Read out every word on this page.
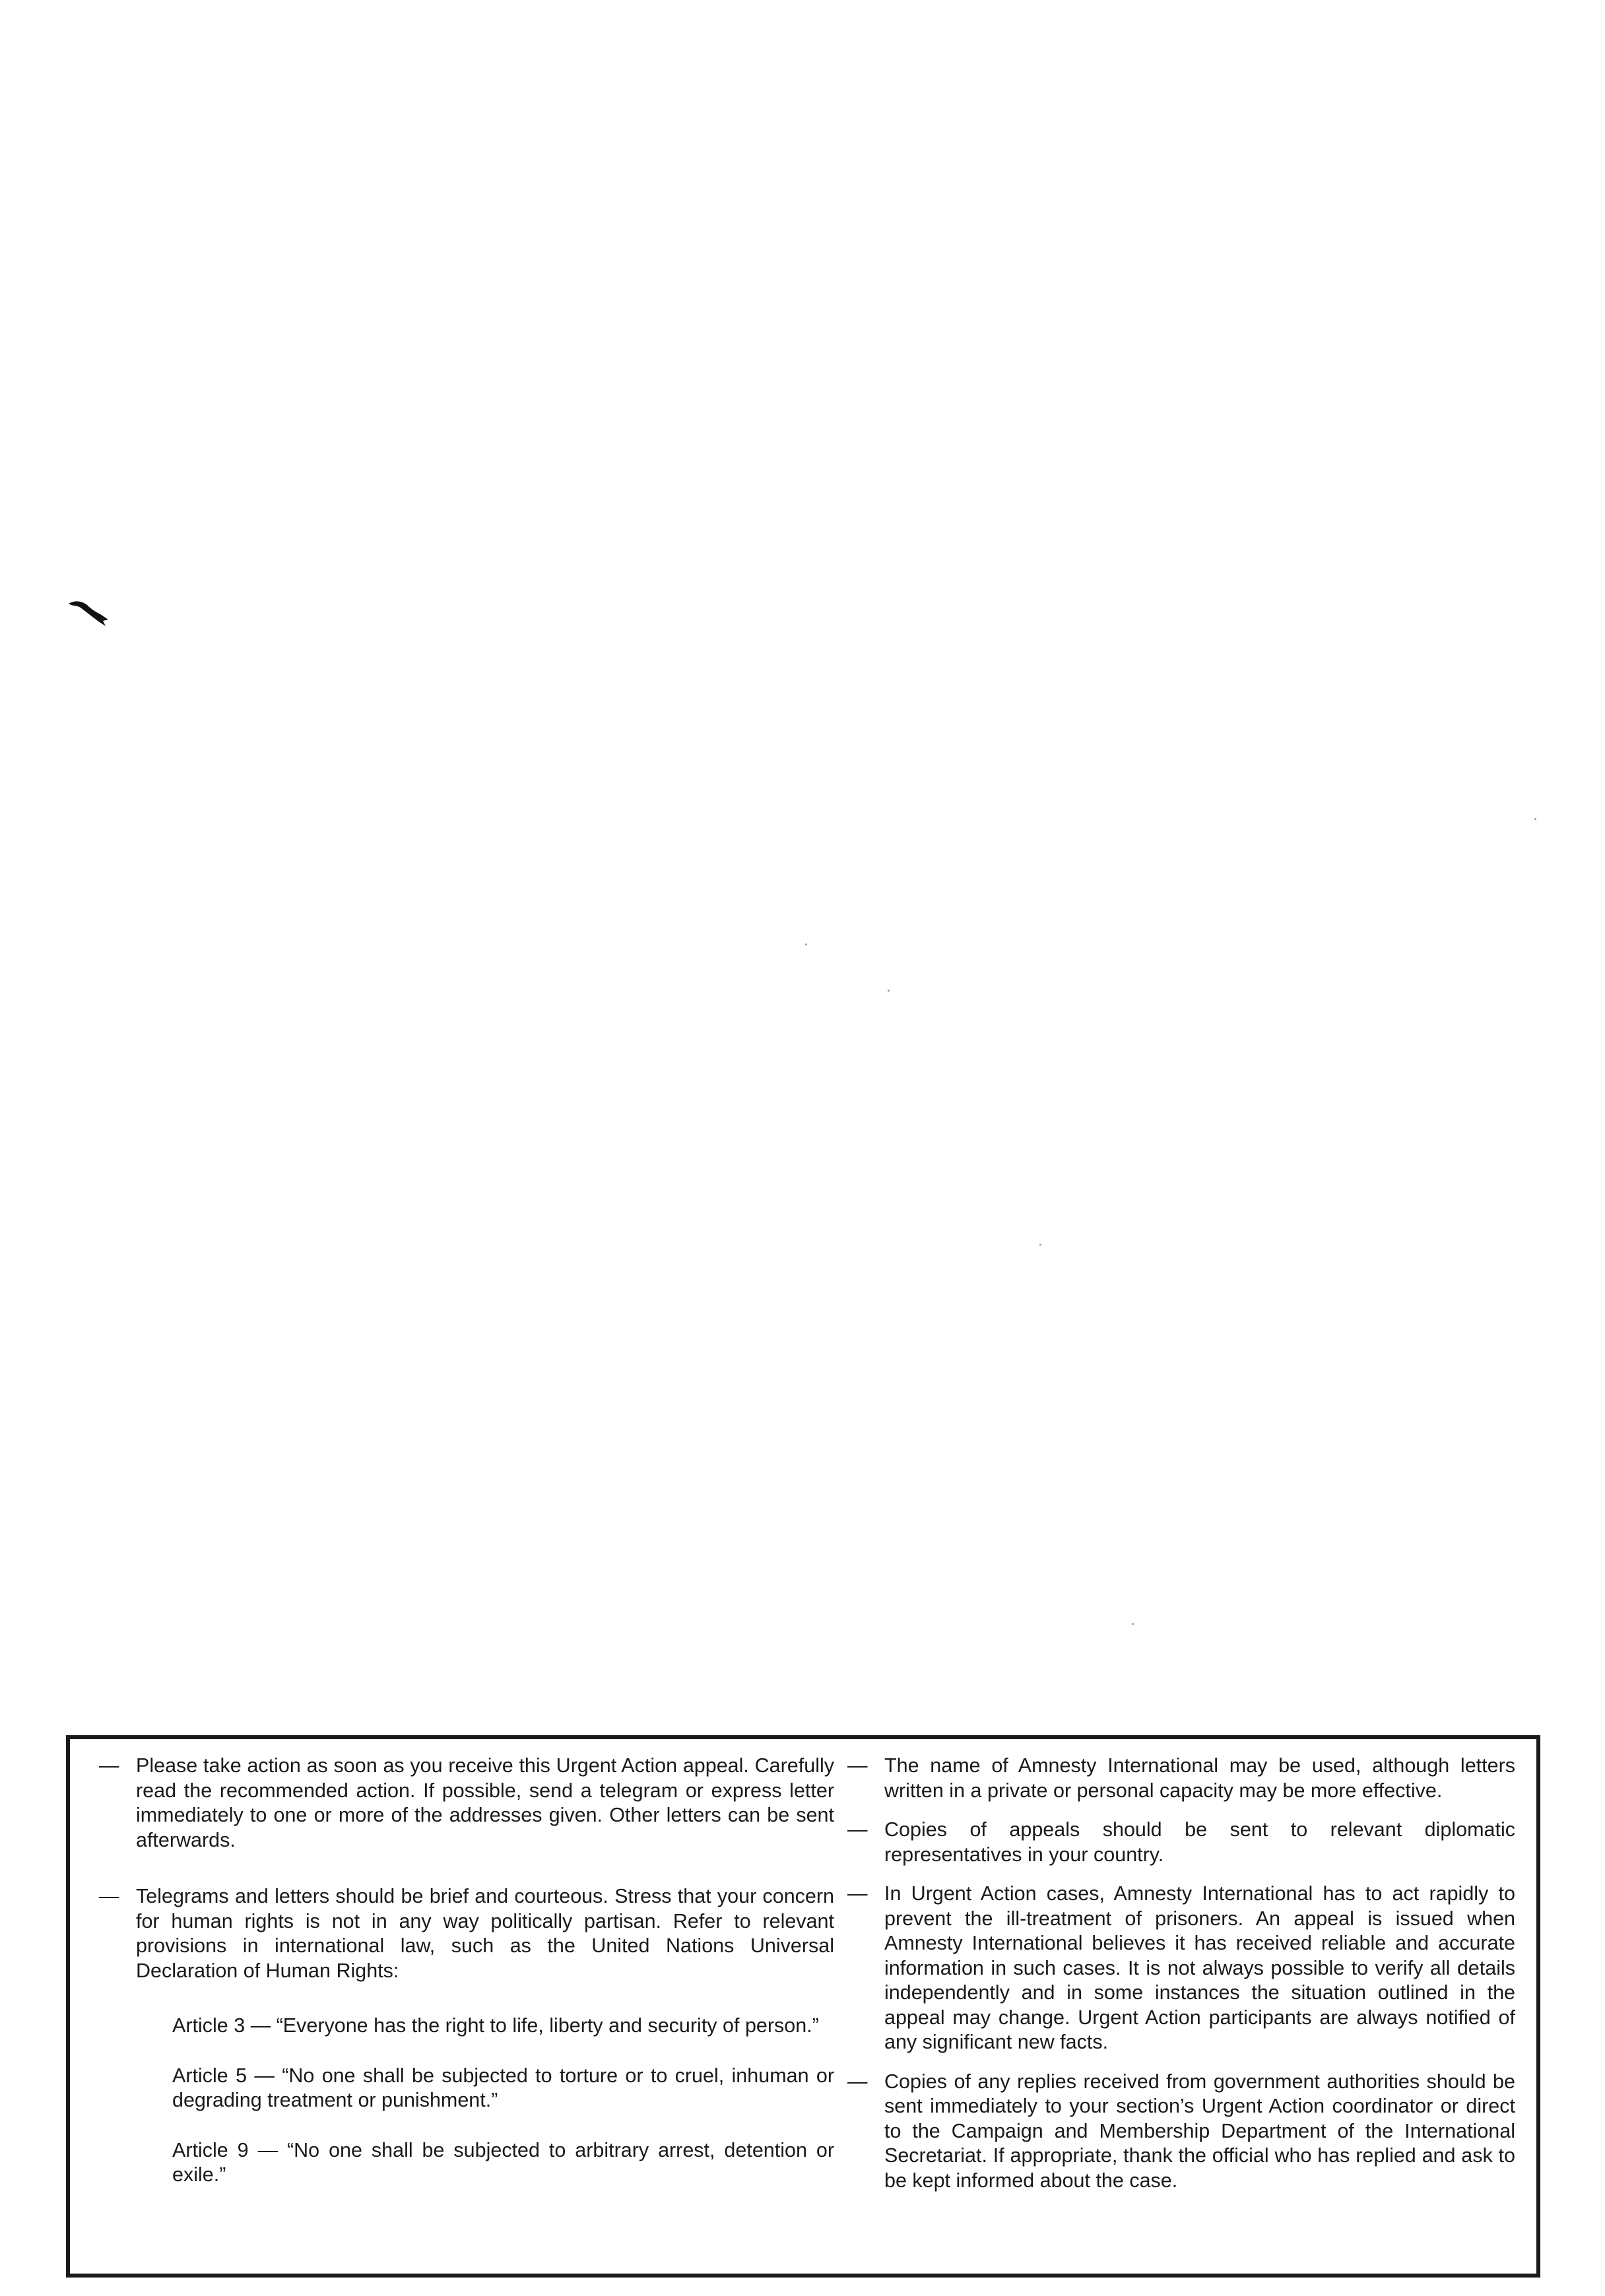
— Please take action as soon as you receive this Urgent Action appeal. Carefully read the recommended action. If possible, send a telegram or express letter immediately to one or more of the addresses given. Other letters can be sent afterwards.
— Telegrams and letters should be brief and courteous. Stress that your concern for human rights is not in any way politically partisan. Refer to relevant provisions in international law, such as the United Nations Universal Declaration of Human Rights:
Article 3 — “Everyone has the right to life, liberty and security of person.”
Article 5 — “No one shall be subjected to torture or to cruel, inhuman or degrading treatment or punishment.”
Article 9 — “No one shall be subjected to arbitrary arrest, detention or exile.”
— The name of Amnesty International may be used, although letters written in a private or personal capacity may be more effective.
— Copies of appeals should be sent to relevant diplomatic representatives in your country.
— In Urgent Action cases, Amnesty International has to act rapidly to prevent the ill-treatment of prisoners. An appeal is issued when Amnesty International believes it has received reliable and accurate information in such cases. It is not always possible to verify all details independently and in some instances the situation outlined in the appeal may change. Urgent Action participants are always notified of any significant new facts.
— Copies of any replies received from government authorities should be sent immediately to your section’s Urgent Action coordinator or direct to the Campaign and Membership Department of the International Secretariat. If appropriate, thank the official who has replied and ask to be kept informed about the case.
